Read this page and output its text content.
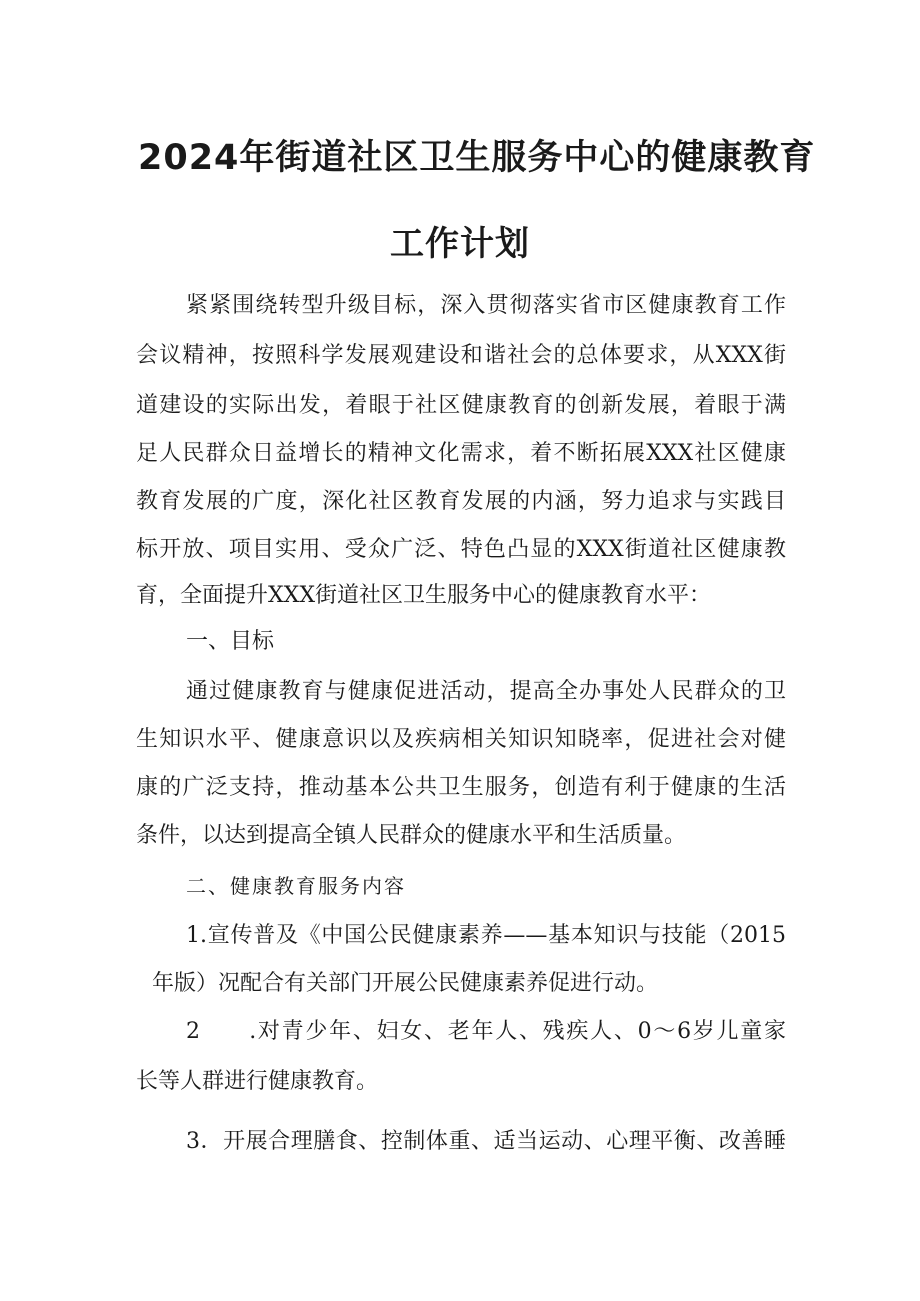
2024年街道社区卫生服务中心的健康教育
工作计划
紧紧围绕转型升级目标，深入贯彻落实省市区健康教育工作
会议精神，按照科学发展观建设和谐社会的总体要求，从XXX街
道建设的实际出发，着眼于社区健康教育的创新发展，着眼于满
足人民群众日益增长的精神文化需求，着不断拓展XXX社区健康
教育发展的广度，深化社区教育发展的内涵，努力追求与实践目
标开放、项目实用、受众广泛、特色凸显的XXX街道社区健康教
育，全面提升XXX街道社区卫生服务中心的健康教育水平：
一、目标
通过健康教育与健康促进活动，提高全办事处人民群众的卫
生知识水平、健康意识以及疾病相关知识知晓率，促进社会对健
康的广泛支持，推动基本公共卫生服务，创造有利于健康的生活
条件，以达到提高全镇人民群众的健康水平和生活质量。
二、健康教育服务内容
1.宣传普及《中国公民健康素养——基本知识与技能（2015
年版）况配合有关部门开展公民健康素养促进行动。
2　　.对青少年、妇女、老年人、残疾人、0～6岁儿童家
长等人群进行健康教育。
3．开展合理膳食、控制体重、适当运动、心理平衡、改善睡
